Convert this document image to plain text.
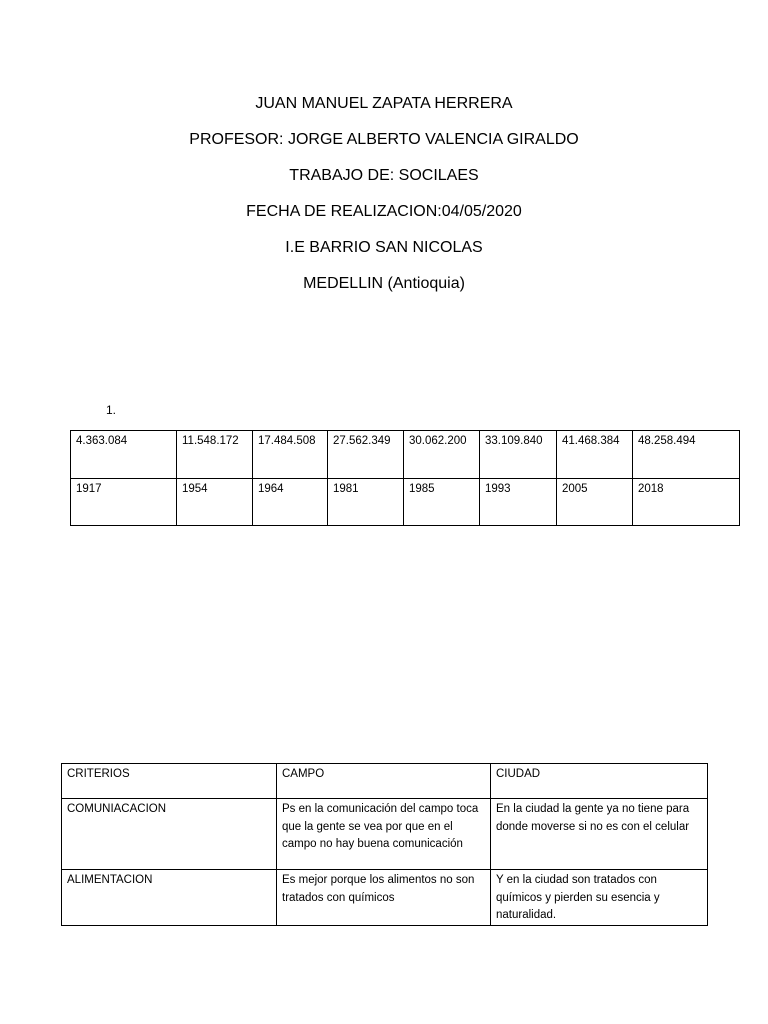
JUAN MANUEL ZAPATA HERRERA
PROFESOR: JORGE ALBERTO VALENCIA GIRALDO
TRABAJO DE: SOCILAES
FECHA DE REALIZACION:04/05/2020
I.E BARRIO SAN NICOLAS
MEDELLIN (Antioquia)
1.
4.363.084	11.548.172	17.484.508	27.562.349	30.062.200	33.109.840	41.468.384	48.258.494
1917	1954	1964	1981	1985	1993	2005	2018
CRITERIOS	CAMPO	CIUDAD
COMUNIACACION	Ps en la comunicación del campo toca que la gente se vea por que en el campo no hay buena comunicación	En la ciudad la gente ya no tiene para donde moverse si no es con el celular
ALIMENTACION	Es mejor porque los alimentos no son tratados con químicos	Y en la ciudad son tratados con químicos y pierden su esencia y naturalidad.
